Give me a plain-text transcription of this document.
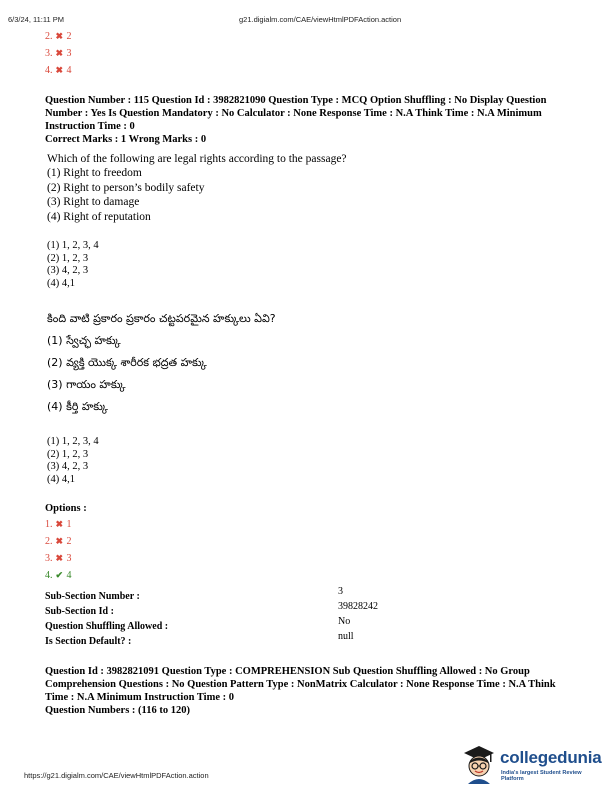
6/3/24, 11:11 PM	g21.digialm.com/CAE/viewHtmlPDFAction.action
2. ✖ 2
3. ✖ 3
4. ✖ 4
Question Number : 115 Question Id : 3982821090 Question Type : MCQ Option Shuffling : No Display Question Number : Yes Is Question Mandatory : No Calculator : None Response Time : N.A Think Time : N.A Minimum Instruction Time : 0
Correct Marks : 1 Wrong Marks : 0
Which of the following are legal rights according to the passage?
(1) Right to freedom
(2) Right to person’s bodily safety
(3) Right to damage
(4) Right of reputation
(1) 1, 2, 3, 4
(2) 1, 2, 3
(3) 4, 2, 3
(4) 4,1
కింది వాటి ప్రకారం ప్రకారం చట్టపరమైన హక్కులు ఏవి?
(1) స్వేచ్ఛ హక్కు
(2) వ్యక్తి యొక్క శారీరక భద్రత హక్కు
(3) గాయం హక్కు
(4) కీర్తి హక్కు
(1) 1, 2, 3, 4
(2) 1, 2, 3
(3) 4, 2, 3
(4) 4,1
Options :
1. ✖ 1
2. ✖ 2
3. ✖ 3
4. ✔ 4
Sub-Section Number :	3
Sub-Section Id :	39828242
Question Shuffling Allowed :	No
Is Section Default? :	null
Question Id : 3982821091 Question Type : COMPREHENSION Sub Question Shuffling Allowed : No Group Comprehension Questions : No Question Pattern Type : NonMatrix Calculator : None Response Time : N.A Think Time : N.A Minimum Instruction Time : 0
Question Numbers : (116 to 120)
https://g21.digialm.com/CAE/viewHtmlPDFAction.action
collegedunia
India's largest Student Review Platform
